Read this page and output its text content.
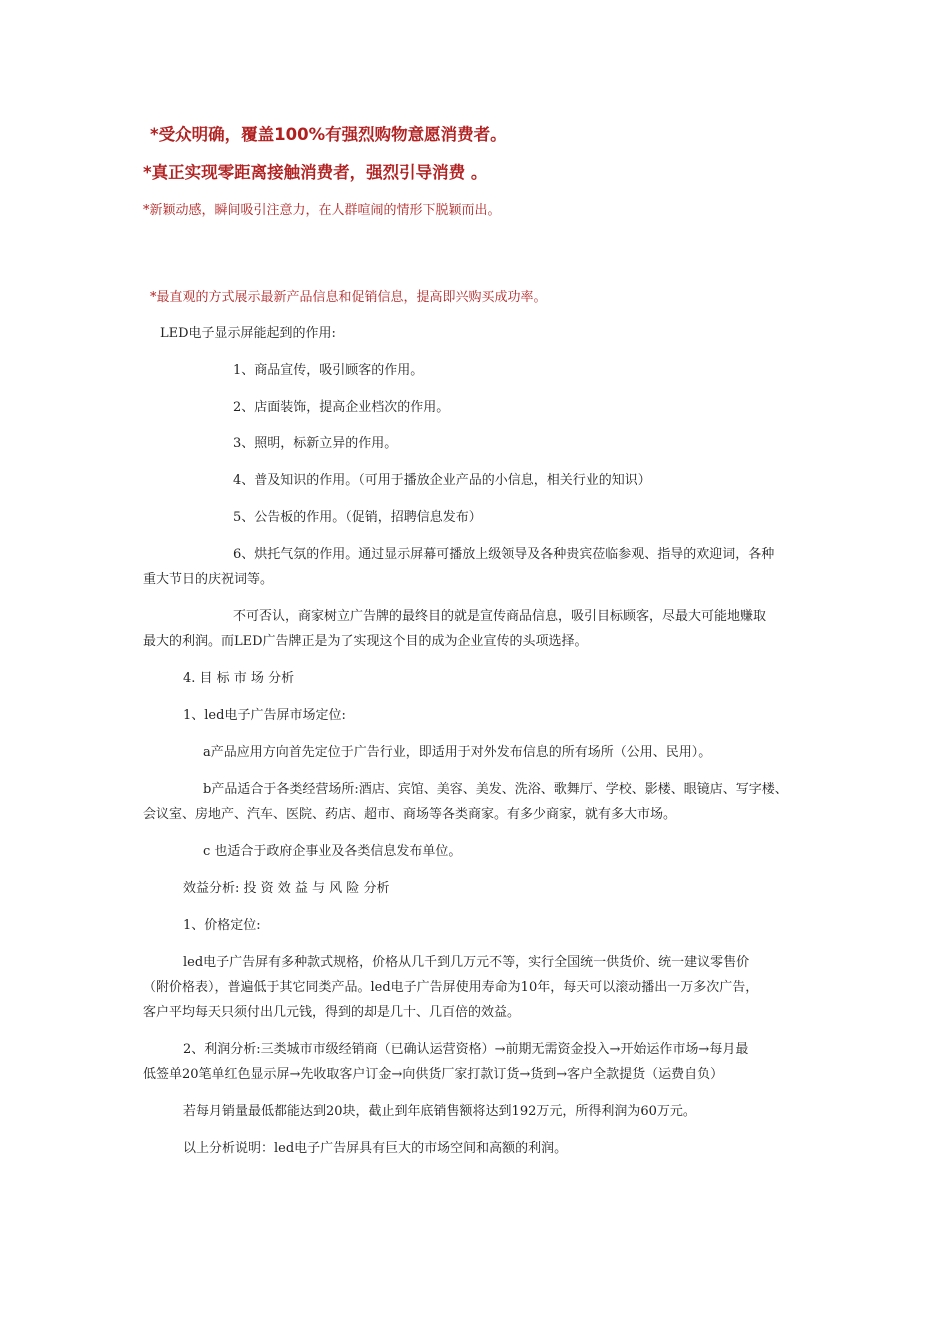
*受众明确，覆盖100%有强烈购物意愿消费者。
*真正实现零距离接触消费者，强烈引导消费 。
*新颖动感，瞬间吸引注意力，在人群喧闹的情形下脱颖而出。
*最直观的方式展示最新产品信息和促销信息，提高即兴购买成功率。
LED电子显示屏能起到的作用:
1、商品宣传，吸引顾客的作用。
2、店面装饰，提高企业档次的作用。
3、照明，标新立异的作用。
4、普及知识的作用。（可用于播放企业产品的小信息，相关行业的知识）
5、公告板的作用。（促销，招聘信息发布）
6、烘托气氛的作用。通过显示屏幕可播放上级领导及各种贵宾莅临参观、指导的欢迎词，各种
重大节日的庆祝词等。
不可否认，商家树立广告牌的最终目的就是宣传商品信息，吸引目标顾客，尽最大可能地赚取
最大的利润。而LED广告牌正是为了实现这个目的成为企业宣传的头项选择。
4. 目 标 市 场 分析
1、led电子广告屏市场定位:
a产品应用方向首先定位于广告行业，即适用于对外发布信息的所有场所（公用、民用）。
b产品适合于各类经营场所:酒店、宾馆、美容、美发、洗浴、歌舞厅、学校、影楼、眼镜店、写字楼、
会议室、房地产、汽车、医院、药店、超市、商场等各类商家。有多少商家，就有多大市场。
c 也适合于政府企事业及各类信息发布单位。
效益分析: 投 资 效 益 与 风 险 分析
1、价格定位:
led电子广告屏有多种款式规格，价格从几千到几万元不等，实行全国统一供货价、统一建议零售价
（附价格表），普遍低于其它同类产品。led电子广告屏使用寿命为10年，每天可以滚动播出一万多次广告，
客户平均每天只须付出几元钱，得到的却是几十、几百倍的效益。
2、利润分析:三类城市市级经销商（已确认运营资格）→前期无需资金投入→开始运作市场→每月最
低签单20笔单红色显示屏→先收取客户订金→向供货厂家打款订货→货到→客户全款提货（运费自负）
若每月销量最低都能达到20块，截止到年底销售额将达到192万元，所得利润为60万元。
以上分析说明：led电子广告屏具有巨大的市场空间和高额的利润。
